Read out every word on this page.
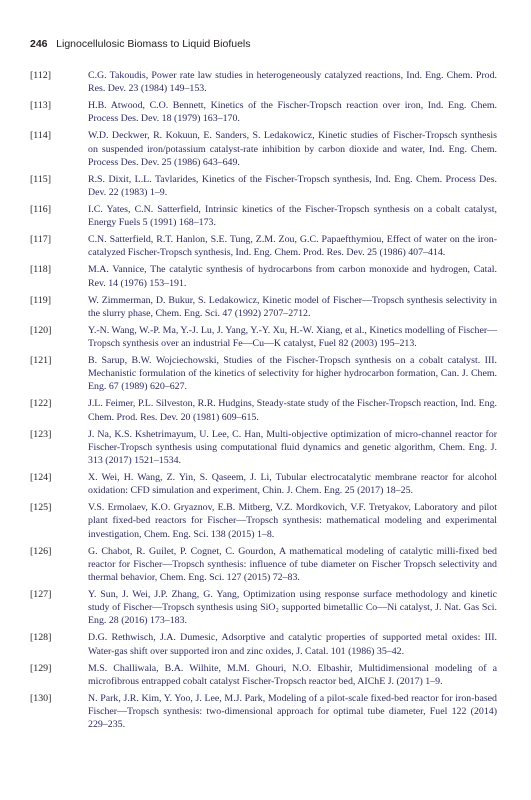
246 Lignocellulosic Biomass to Liquid Biofuels
[112]	C.G. Takoudis, Power rate law studies in heterogeneously catalyzed reactions, Ind. Eng. Chem. Prod. Res. Dev. 23 (1984) 149–153.
[113]	H.B. Atwood, C.O. Bennett, Kinetics of the Fischer-Tropsch reaction over iron, Ind. Eng. Chem. Process Des. Dev. 18 (1979) 163–170.
[114]	W.D. Deckwer, R. Kokuun, E. Sanders, S. Ledakowicz, Kinetic studies of Fischer-Tropsch synthesis on suspended iron/potassium catalyst-rate inhibition by carbon dioxide and water, Ind. Eng. Chem. Process Des. Dev. 25 (1986) 643–649.
[115]	R.S. Dixit, L.L. Tavlarides, Kinetics of the Fischer-Tropsch synthesis, Ind. Eng. Chem. Process Des. Dev. 22 (1983) 1–9.
[116]	I.C. Yates, C.N. Satterfield, Intrinsic kinetics of the Fischer-Tropsch synthesis on a cobalt catalyst, Energy Fuels 5 (1991) 168–173.
[117]	C.N. Satterfield, R.T. Hanlon, S.E. Tung, Z.M. Zou, G.C. Papaefthymiou, Effect of water on the iron-catalyzed Fischer-Tropsch synthesis, Ind. Eng. Chem. Prod. Res. Dev. 25 (1986) 407–414.
[118]	M.A. Vannice, The catalytic synthesis of hydrocarbons from carbon monoxide and hydrogen, Catal. Rev. 14 (1976) 153–191.
[119]	W. Zimmerman, D. Bukur, S. Ledakowicz, Kinetic model of Fischer—Tropsch synthesis selectivity in the slurry phase, Chem. Eng. Sci. 47 (1992) 2707–2712.
[120]	Y.-N. Wang, W.-P. Ma, Y.-J. Lu, J. Yang, Y.-Y. Xu, H.-W. Xiang, et al., Kinetics modelling of Fischer—Tropsch synthesis over an industrial Fe—Cu—K catalyst, Fuel 82 (2003) 195–213.
[121]	B. Sarup, B.W. Wojciechowski, Studies of the Fischer-Tropsch synthesis on a cobalt catalyst. III. Mechanistic formulation of the kinetics of selectivity for higher hydrocarbon formation, Can. J. Chem. Eng. 67 (1989) 620–627.
[122]	J.L. Feimer, P.L. Silveston, R.R. Hudgins, Steady-state study of the Fischer-Tropsch reaction, Ind. Eng. Chem. Prod. Res. Dev. 20 (1981) 609–615.
[123]	J. Na, K.S. Kshetrimayum, U. Lee, C. Han, Multi-objective optimization of micro-channel reactor for Fischer-Tropsch synthesis using computational fluid dynamics and genetic algorithm, Chem. Eng. J. 313 (2017) 1521–1534.
[124]	X. Wei, H. Wang, Z. Yin, S. Qaseem, J. Li, Tubular electrocatalytic membrane reactor for alcohol oxidation: CFD simulation and experiment, Chin. J. Chem. Eng. 25 (2017) 18–25.
[125]	V.S. Ermolaev, K.O. Gryaznov, E.B. Mitberg, V.Z. Mordkovich, V.F. Tretyakov, Laboratory and pilot plant fixed-bed reactors for Fischer—Tropsch synthesis: mathematical modeling and experimental investigation, Chem. Eng. Sci. 138 (2015) 1–8.
[126]	G. Chabot, R. Guilet, P. Cognet, C. Gourdon, A mathematical modeling of catalytic milli-fixed bed reactor for Fischer—Tropsch synthesis: influence of tube diameter on Fischer Tropsch selectivity and thermal behavior, Chem. Eng. Sci. 127 (2015) 72–83.
[127]	Y. Sun, J. Wei, J.P. Zhang, G. Yang, Optimization using response surface methodology and kinetic study of Fischer—Tropsch synthesis using SiO₂ supported bimetallic Co—Ni catalyst, J. Nat. Gas Sci. Eng. 28 (2016) 173–183.
[128]	D.G. Rethwisch, J.A. Dumesic, Adsorptive and catalytic properties of supported metal oxides: III. Water-gas shift over supported iron and zinc oxides, J. Catal. 101 (1986) 35–42.
[129]	M.S. Challiwala, B.A. Wilhite, M.M. Ghouri, N.O. Elbashir, Multidimensional modeling of a microfibrous entrapped cobalt catalyst Fischer-Tropsch reactor bed, AIChE J. (2017) 1–9.
[130]	N. Park, J.R. Kim, Y. Yoo, J. Lee, M.J. Park, Modeling of a pilot-scale fixed-bed reactor for iron-based Fischer—Tropsch synthesis: two-dimensional approach for optimal tube diameter, Fuel 122 (2014) 229–235.
